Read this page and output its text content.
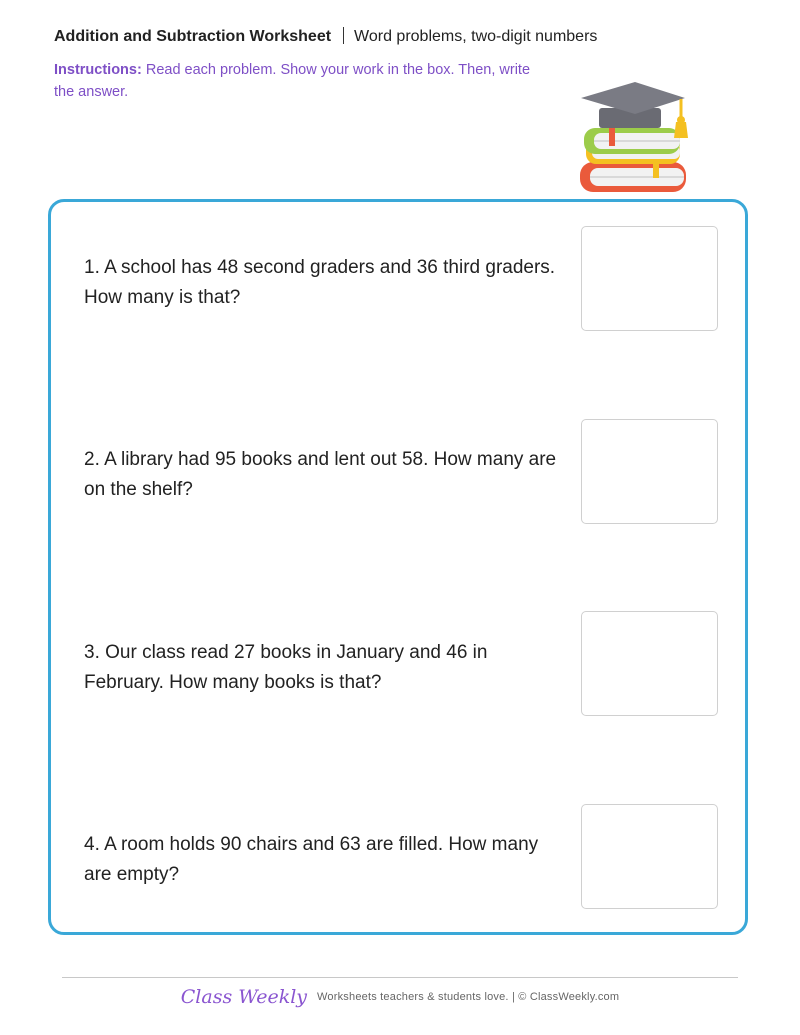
Addition and Subtraction Worksheet Word problems, two-digit numbers
Instructions: Read each problem. Show your work in the box. Then, write the answer.
1. A school has 48 second graders and 36 third graders. How many is that?
2. A library had 95 books and lent out 58. How many are on the shelf?
3. Our class read 27 books in January and 46 in February. How many books is that?
4. A room holds 90 chairs and 63 are filled. How many are empty?
Class Weekly Worksheets teachers & students love. | © ClassWeekly.com
